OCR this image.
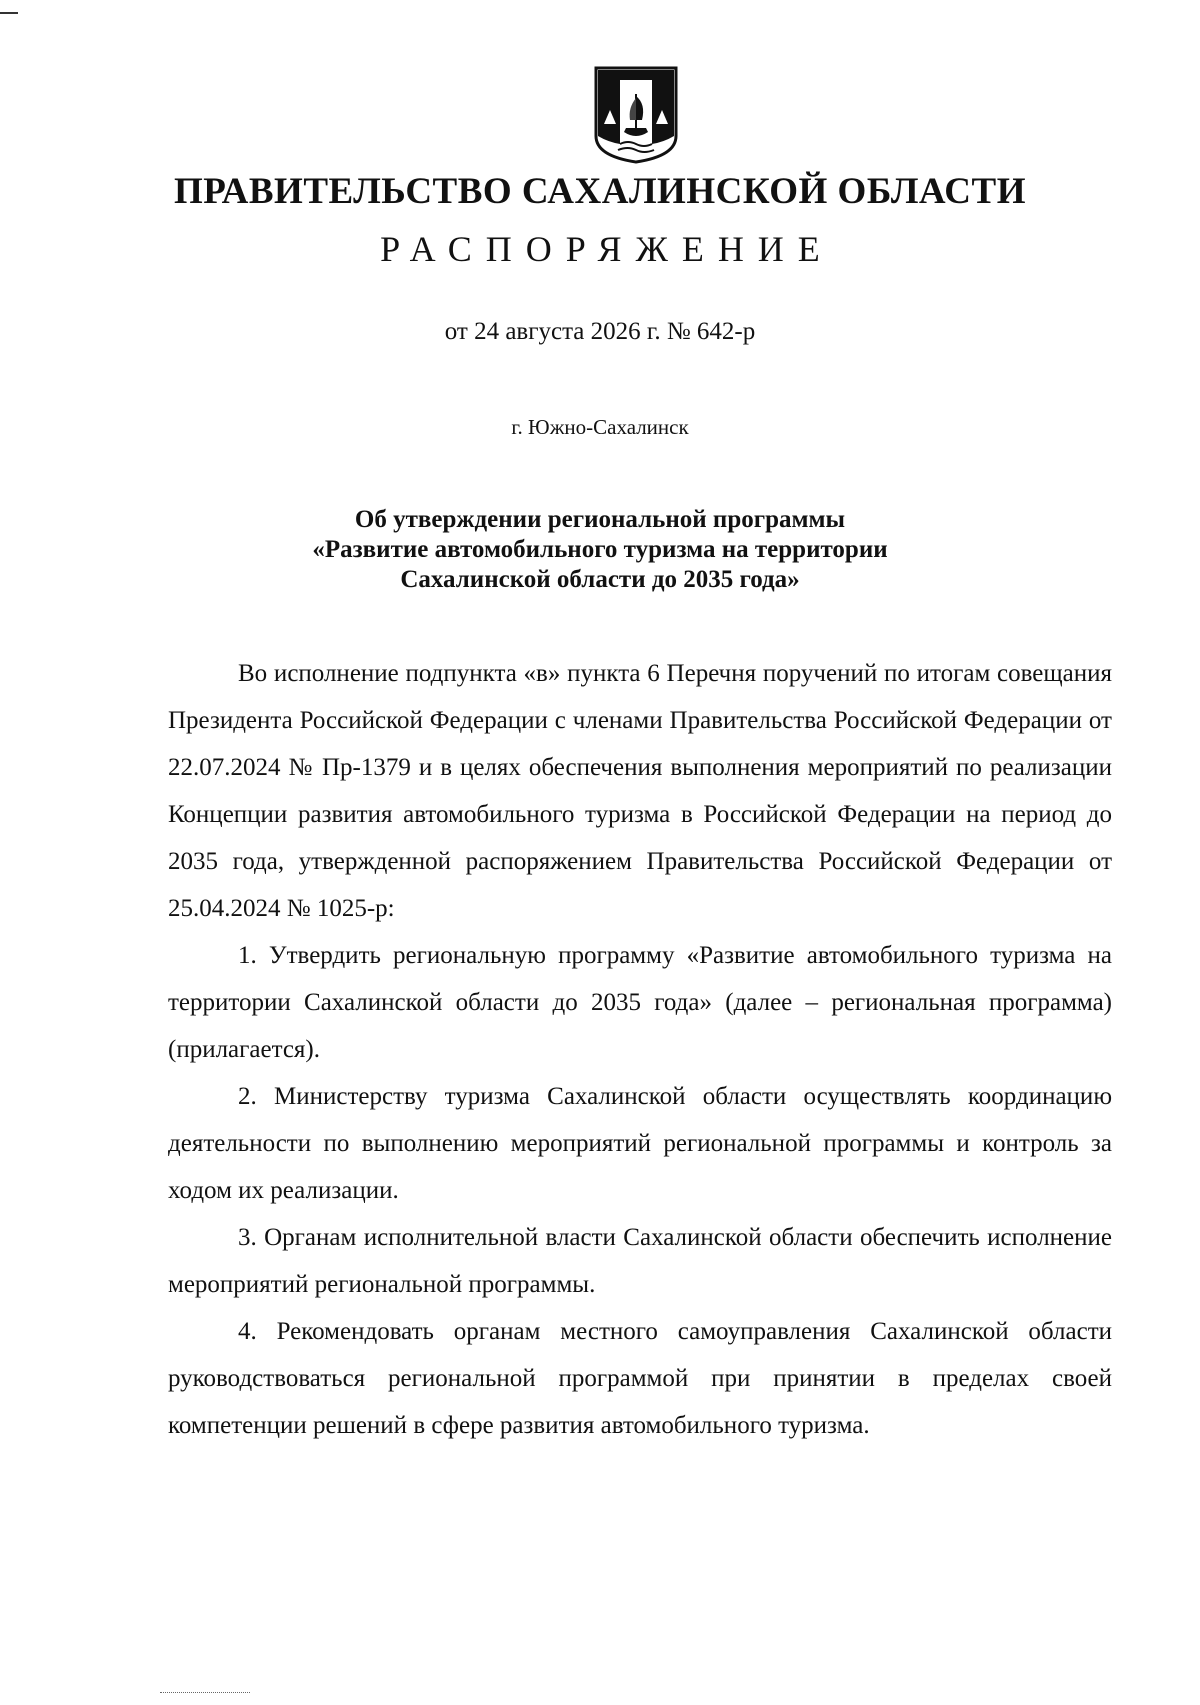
ПРАВИТЕЛЬСТВО САХАЛИНСКОЙ ОБЛАСТИ
РАСПОРЯЖЕНИЕ
от 24 августа 2026 г. № 642-р
г. Южно-Сахалинск
Об утверждении региональной программы
«Развитие автомобильного туризма на территории
Сахалинской области до 2035 года»

Во исполнение подпункта «в» пункта 6 Перечня поручений по итогам совещания Президента Российской Федерации с членами Правительства Российской Федерации от 22.07.2024 № Пр-1379 и в целях обеспечения выполнения мероприятий по реализации Концепции развития автомобильного туризма в Российской Федерации на период до 2035 года, утвержденной распоряжением Правительства Российской Федерации от 25.04.2024 № 1025-р:

1. Утвердить региональную программу «Развитие автомобильного туризма на территории Сахалинской области до 2035 года» (далее – региональная программа) (прилагается).

2. Министерству туризма Сахалинской области осуществлять координацию деятельности по выполнению мероприятий региональной программы и контроль за ходом их реализации.

3. Органам исполнительной власти Сахалинской области обеспечить исполнение мероприятий региональной программы.

4. Рекомендовать органам местного самоуправления Сахалинской области руководствоваться региональной программой при принятии в пределах своей компетенции решений в сфере развития автомобильного туризма.
